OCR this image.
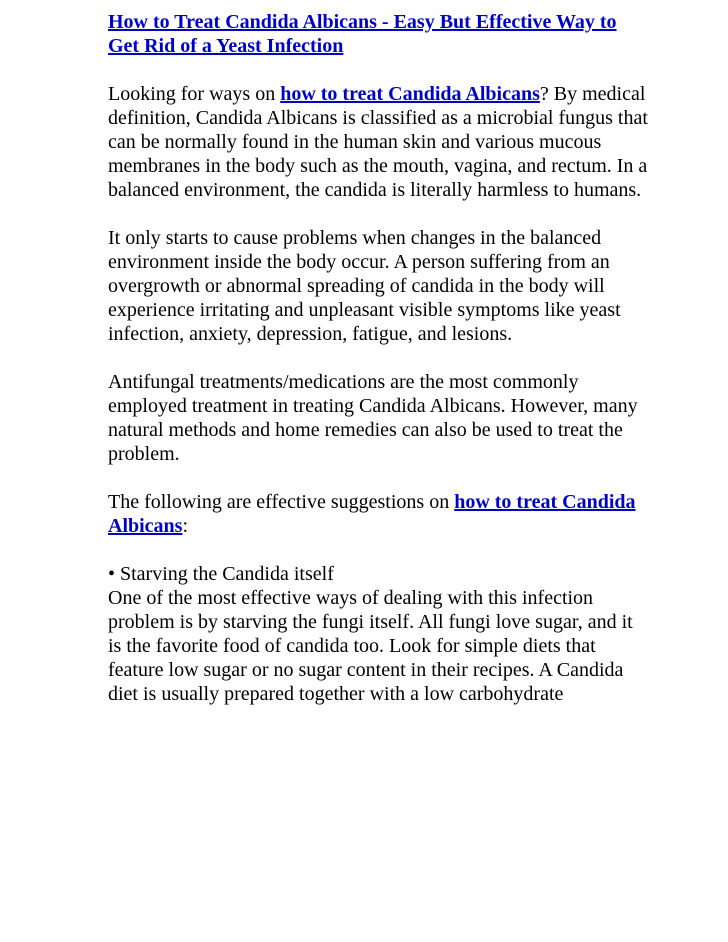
How to Treat Candida Albicans - Easy But Effective Way to Get Rid of a Yeast Infection

Looking for ways on how to treat Candida Albicans? By medical definition, Candida Albicans is classified as a microbial fungus that can be normally found in the human skin and various mucous membranes in the body such as the mouth, vagina, and rectum. In a balanced environment, the candida is literally harmless to humans.

It only starts to cause problems when changes in the balanced environment inside the body occur. A person suffering from an overgrowth or abnormal spreading of candida in the body will experience irritating and unpleasant visible symptoms like yeast infection, anxiety, depression, fatigue, and lesions.

Antifungal treatments/medications are the most commonly employed treatment in treating Candida Albicans. However, many natural methods and home remedies can also be used to treat the problem.

The following are effective suggestions on how to treat Candida Albicans:

• Starving the Candida itself
One of the most effective ways of dealing with this infection problem is by starving the fungi itself. All fungi love sugar, and it is the favorite food of candida too. Look for simple diets that feature low sugar or no sugar content in their recipes. A Candida diet is usually prepared together with a low carbohydrate
